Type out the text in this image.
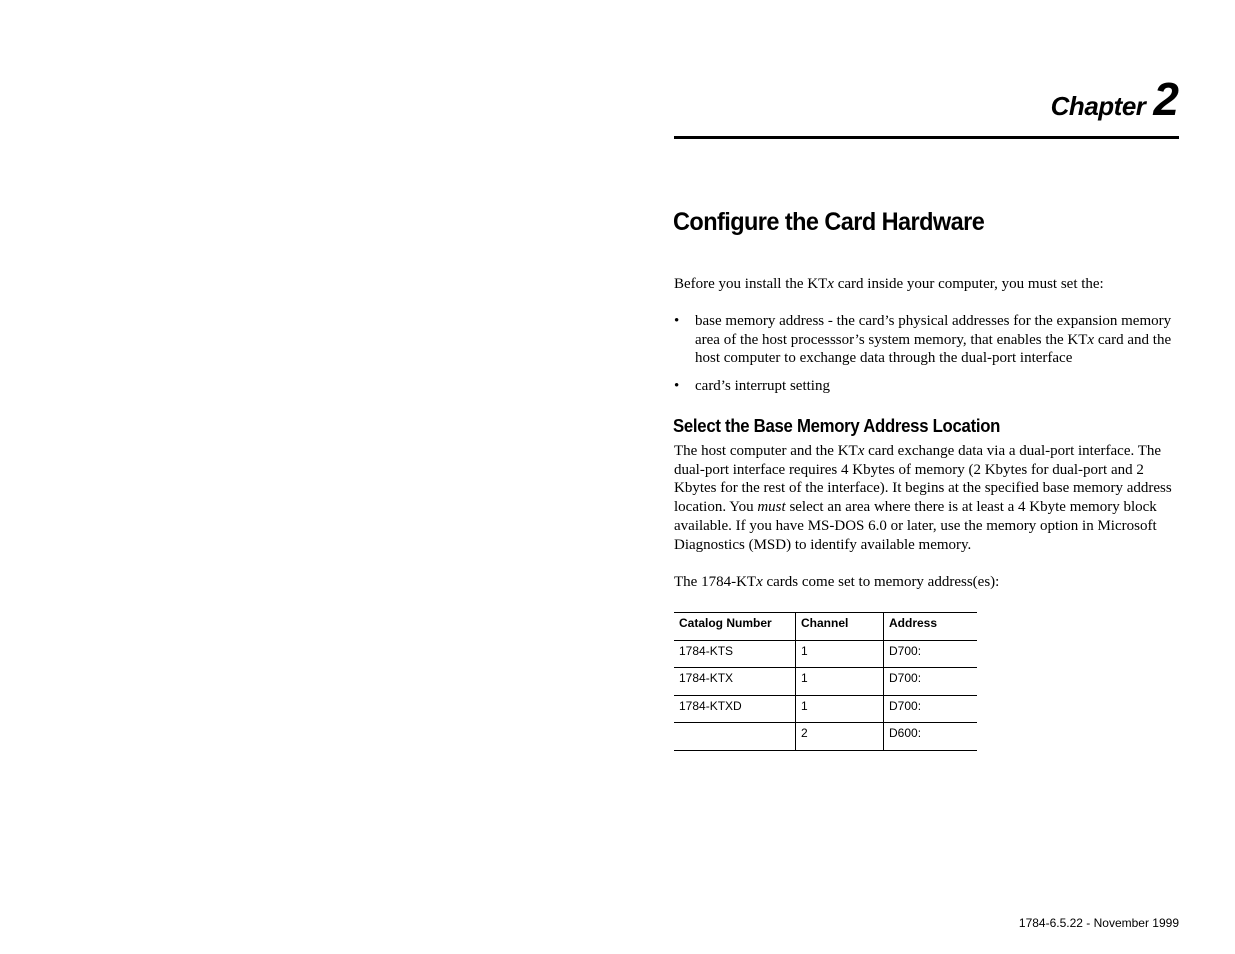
Chapter 2
Configure the Card Hardware
Before you install the KTx card inside your computer, you must set the:
• base memory address - the card’s physical addresses for the expansion memory area of the host processsor’s system memory, that enables the KTx card and the host computer to exchange data through the dual-port interface
• card’s interrupt setting
Select the Base Memory Address Location
The host computer and the KTx card exchange data via a dual-port interface. The dual-port interface requires 4 Kbytes of memory (2 Kbytes for dual-port and 2 Kbytes for the rest of the interface). It begins at the specified base memory address location. You must select an area where there is at least a 4 Kbyte memory block available. If you have MS-DOS 6.0 or later, use the memory option in Microsoft Diagnostics (MSD) to identify available memory.
The 1784-KTx cards come set to memory address(es):
Catalog Number	Channel	Address
1784-KTS	1	D700:
1784-KTX	1	D700:
1784-KTXD	1	D700:
	2	D600:
1784-6.5.22 - November 1999
